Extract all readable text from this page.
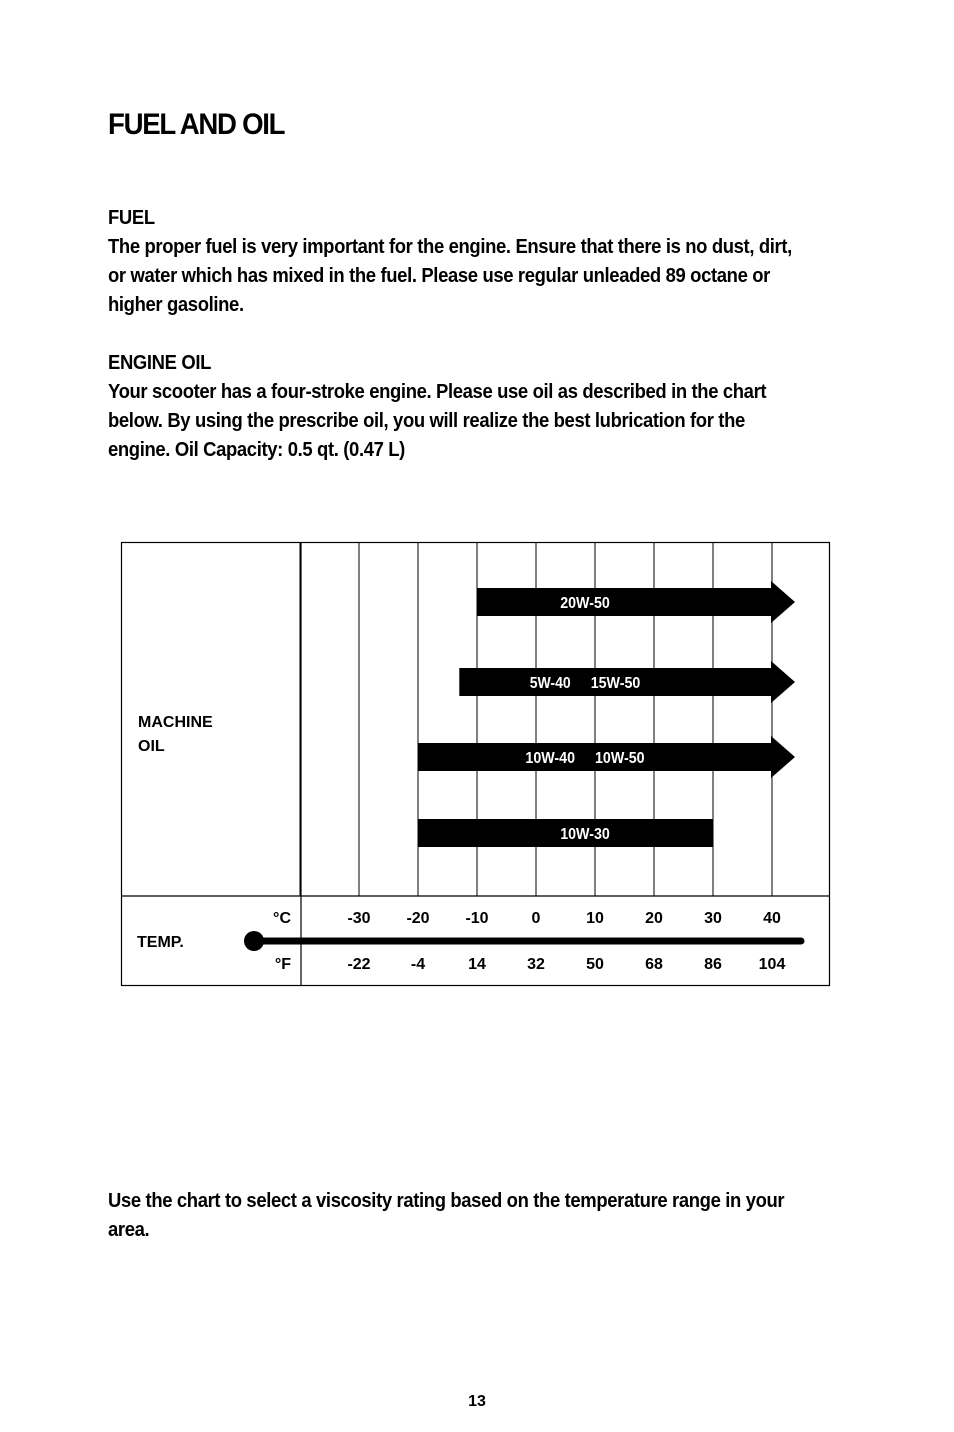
FUEL AND OIL

FUEL

The proper fuel is very important for the engine. Ensure that there is no dust, dirt, or water which has mixed in the fuel. Please use regular unleaded 89 octane or higher gasoline.

ENGINE OIL

Your scooter has a four-stroke engine. Please use oil as described in the chart below. By using the prescribe oil, you will realize the best lubrication for the engine. Oil Capacity: 0.5 qt. (0.47 L)

20W-50
5W-40 15W-50
10W-40 10W-50
10W-30
MACHINE
OIL
TEMP.
°C
°F
-30 -20 -10	0	10	20	30	40
-22	-4	14	32	50	68	86 104

Use the chart to select a viscosity rating based on the temperature range in your area.

13
